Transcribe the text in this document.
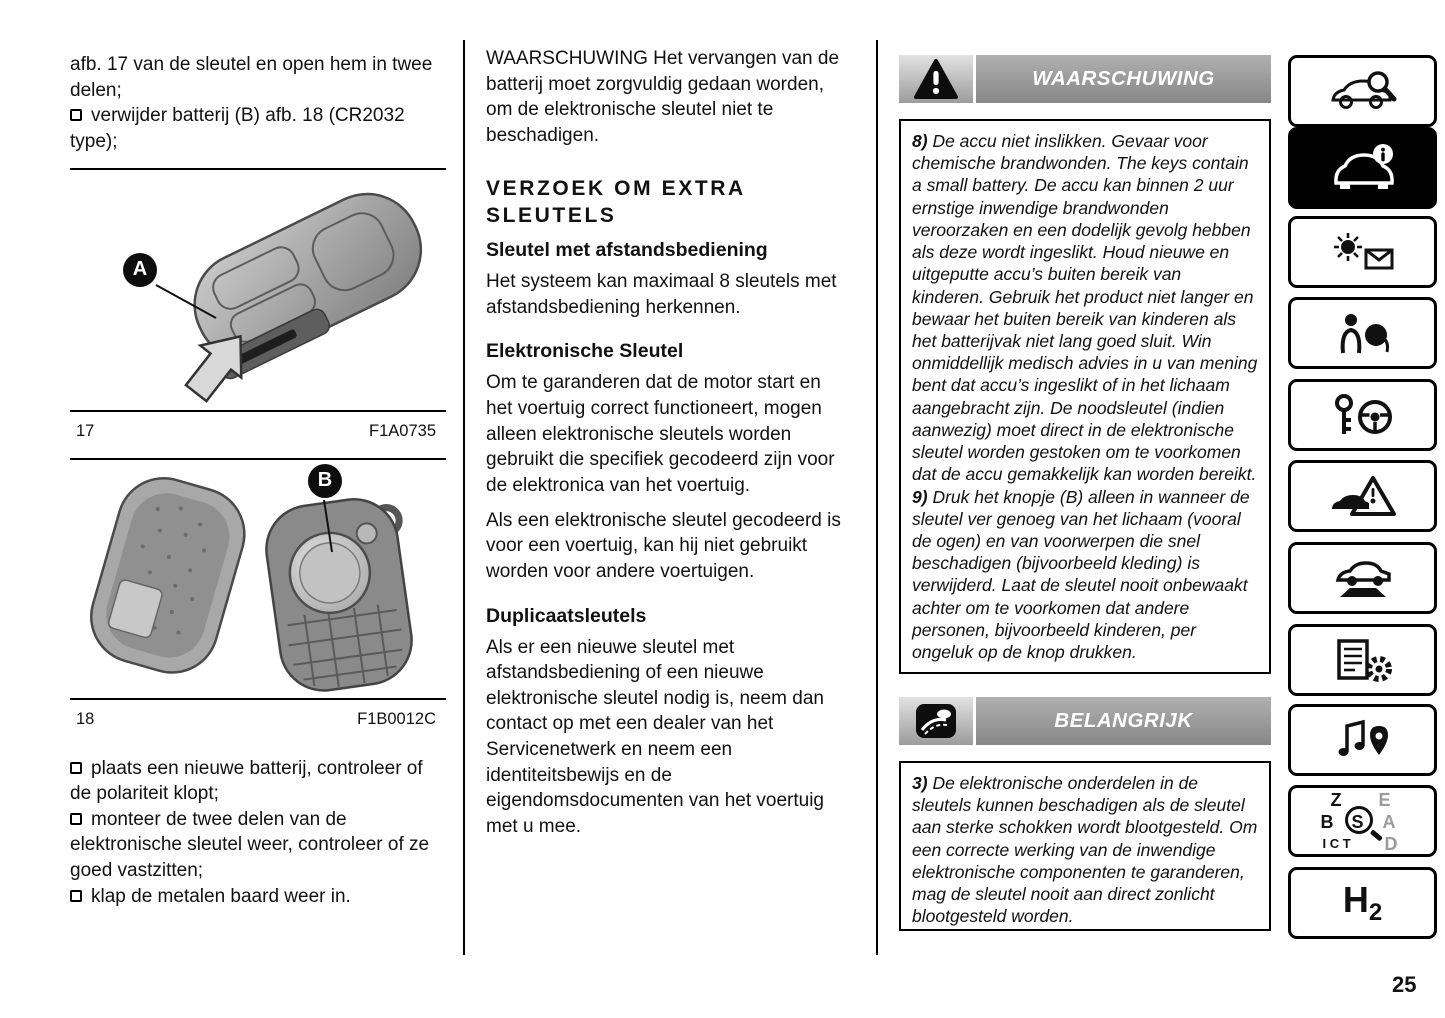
afb. 17 van de sleutel en open hem in twee delen;

verwijder batterij (B) afb. 18 (CR2032 type);

A
17	F1A0735
B
18	F1B0012C

plaats een nieuwe batterij, controleer of de polariteit klopt;

monteer de twee delen van de elektronische sleutel weer, controleer of ze goed vastzitten;

klap de metalen baard weer in.

WAARSCHUWING Het vervangen van de batterij moet zorgvuldig gedaan worden, om de elektronische sleutel niet te beschadigen.

VERZOEK OM EXTRA SLEUTELS
Sleutel met afstandsbediening

Het systeem kan maximaal 8 sleutels met afstandsbediening herkennen.

Elektronische Sleutel

Om te garanderen dat de motor start en het voertuig correct functioneert, mogen alleen elektronische sleutels worden gebruikt die specifiek gecodeerd zijn voor de elektronica van het voertuig.

Als een elektronische sleutel gecodeerd is voor een voertuig, kan hij niet gebruikt worden voor andere voertuigen.

Duplicaatsleutels

Als er een nieuwe sleutel met afstandsbediening of een nieuwe elektronische sleutel nodig is, neem dan contact op met een dealer van het Servicenetwerk en neem een identiteitsbewijs en de eigendomsdocumenten van het voertuig met u mee.

WAARSCHUWING

8) De accu niet inslikken. Gevaar voor chemische brandwonden. The keys contain a small battery. De accu kan binnen 2 uur ernstige inwendige brandwonden veroorzaken en een dodelijk gevolg hebben als deze wordt ingeslikt. Houd nieuwe en uitgeputte accu’s buiten bereik van kinderen. Gebruik het product niet langer en bewaar het buiten bereik van kinderen als het batterijvak niet lang goed sluit. Win onmiddellijk medisch advies in u van mening bent dat accu’s ingeslikt of in het lichaam aangebracht zijn. De noodsleutel (indien aanwezig) moet direct in de elektronische sleutel worden gestoken om te voorkomen dat de accu gemakkelijk kan worden bereikt.

9) Druk het knopje (B) alleen in wanneer de sleutel ver genoeg van het lichaam (vooral de ogen) en van voorwerpen die snel beschadigen (bijvoorbeeld kleding) is verwijderd. Laat de sleutel nooit onbewaakt achter om te voorkomen dat andere personen, bijvoorbeeld kinderen, per ongeluk op de knop drukken.

BELANGRIJK

3) De elektronische onderdelen in de sleutels kunnen beschadigen als de sleutel aan sterke schokken wordt blootgesteld. Om een correcte werking van de inwendige elektronische componenten te garanderen, mag de sleutel nooit aan direct zonlicht blootgesteld worden.

Z E
B S A
I C T D
H2
25
